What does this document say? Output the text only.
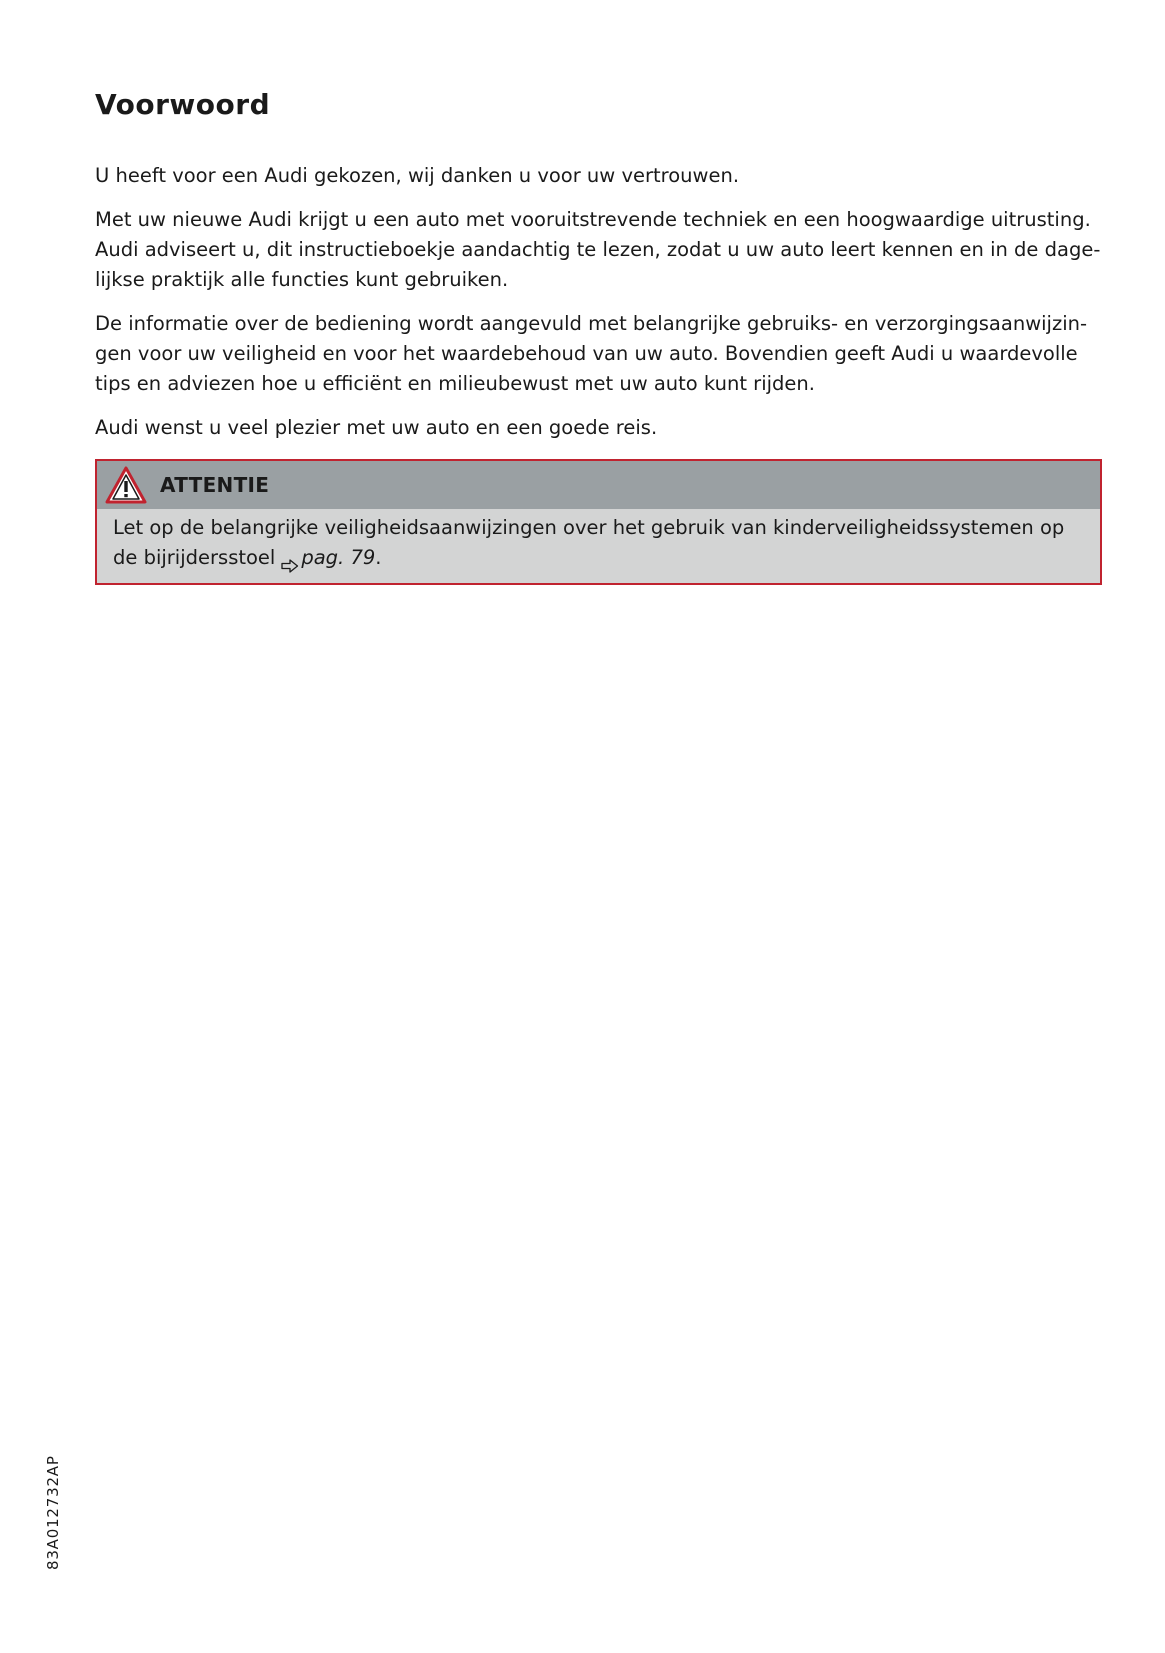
Voorwoord

U heeft voor een Audi gekozen, wij danken u voor uw vertrouwen.

Met uw nieuwe Audi krijgt u een auto met vooruitstrevende techniek en een hoogwaardige uitrusting. Audi adviseert u, dit instructieboekje aandachtig te lezen, zodat u uw auto leert kennen en in de dagelijkse praktijk alle functies kunt gebruiken.

De informatie over de bediening wordt aangevuld met belangrijke gebruiks- en verzorgingsaanwijzingen voor uw veiligheid en voor het waardebehoud van uw auto. Bovendien geeft Audi u waardevolle tips en adviezen hoe u efficiënt en milieubewust met uw auto kunt rijden.

Audi wenst u veel plezier met uw auto en een goede reis.

ATTENTIE
Let op de belangrijke veiligheidsaanwijzingen over het gebruik van kinderveiligheidssystemen op de bijrijdersstoel pag. 79.
83A012732AP
